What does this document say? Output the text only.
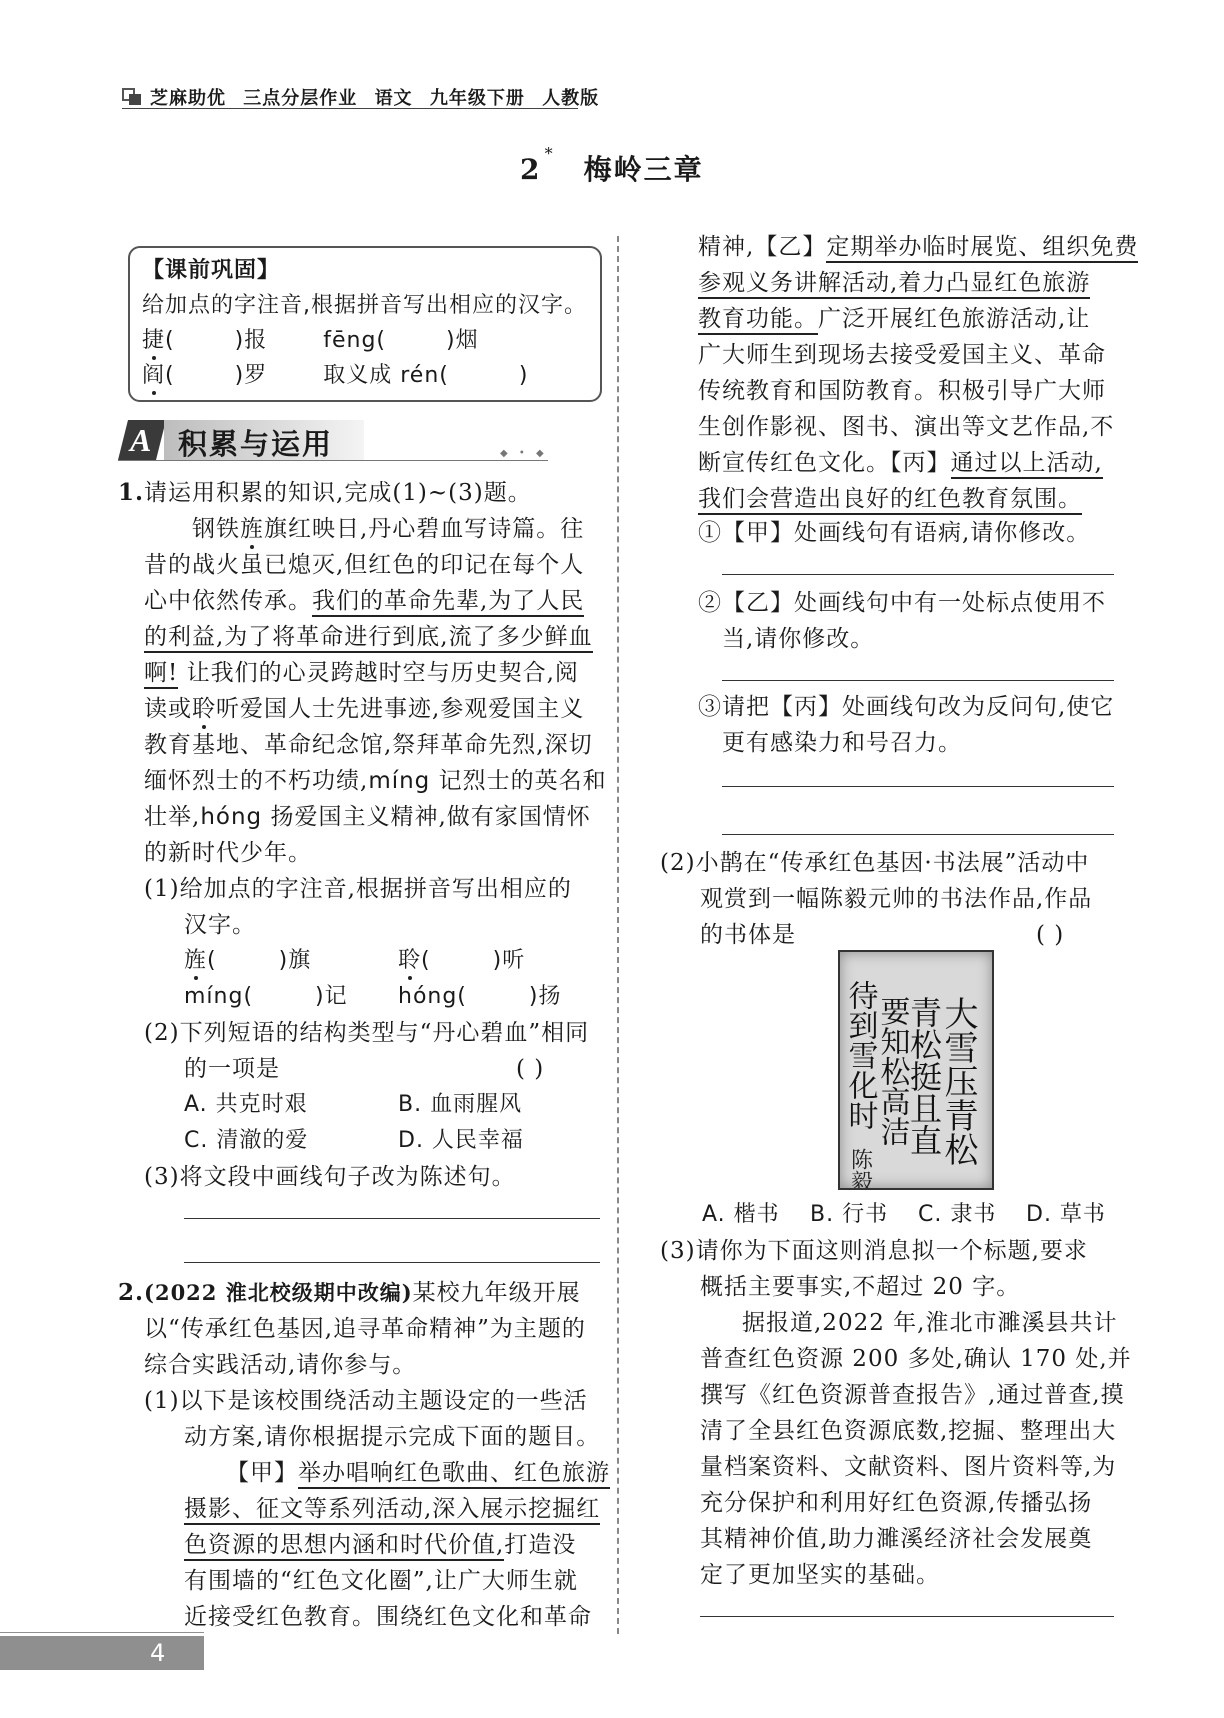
芝麻助优 三点分层作业 语文 九年级下册 人教版
2 * 梅岭三章
【课前巩固】
给加点的字注音,根据拼音写出相应的汉字。
捷(	)报	fēng(	)烟
阎(	)罗	取义成 rén(	)
A 积累与运用	◆ • ◆
1.请运用积累的知识,完成(1)~(3)题。
钢铁旌旗红映日,丹心碧血写诗篇。往
昔的战火虽已熄灭,但红色的印记在每个人
心中依然传承。我们的革命先辈,为了人民
的利益,为了将革命进行到底,流了多少鲜血
啊! 让我们的心灵跨越时空与历史契合,阅
读或聆听爱国人士先进事迹,参观爱国主义
教育基地、革命纪念馆,祭拜革命先烈,深切
缅怀烈士的不朽功绩,míng 记烈士的英名和
壮举,hóng 扬爱国主义精神,做有家国情怀
的新时代少年。
(1)给加点的字注音,根据拼音写出相应的
汉字。
旌(	)旗	聆(	)听
míng(	)记 hóng(	)扬
(2)下列短语的结构类型与“丹心碧血”相同
的一项是	( )
A. 共克时艰	B. 血雨腥风
C. 清澈的爱	D. 人民幸福
(3)将文段中画线句子改为陈述句。
2.(2022 淮北校级期中改编)某校九年级开展
以“传承红色基因,追寻革命精神”为主题的
综合实践活动,请你参与。
(1)以下是该校围绕活动主题设定的一些活
动方案,请你根据提示完成下面的题目。
【甲】举办唱响红色歌曲、红色旅游
摄影、征文等系列活动,深入展示挖掘红
色资源的思想内涵和时代价值,打造没
有围墙的“红色文化圈”,让广大师生就
近接受红色教育。围绕红色文化和革命
精神,【乙】定期举办临时展览、组织免费
参观义务讲解活动,着力凸显红色旅游
教育功能。广泛开展红色旅游活动,让
广大师生到现场去接受爱国主义、革命
传统教育和国防教育。积极引导广大师
生创作影视、图书、演出等文艺作品,不
断宣传红色文化。【丙】通过以上活动,
我们会营造出良好的红色教育氛围。
①【甲】处画线句有语病,请你修改。
②【乙】处画线句中有一处标点使用不
当,请你修改。
③请把【丙】处画线句改为反问句,使它
更有感染力和号召力。
(2)小鹊在“传承红色基因·书法展”活动中
观赏到一幅陈毅元帅的书法作品,作品
的书体是	( )
大雪压青松
青松挺且直
要知松高洁
待到雪化时
陈毅
A. 楷书 B. 行书 C. 隶书 D. 草书
(3)请你为下面这则消息拟一个标题,要求
概括主要事实,不超过 20 字。
据报道,2022 年,淮北市濉溪县共计
普查红色资源 200 多处,确认 170 处,并
撰写《红色资源普查报告》,通过普查,摸
清了全县红色资源底数,挖掘、整理出大
量档案资料、文献资料、图片资料等,为
充分保护和利用好红色资源,传播弘扬
其精神价值,助力濉溪经济社会发展奠
定了更加坚实的基础。
4
